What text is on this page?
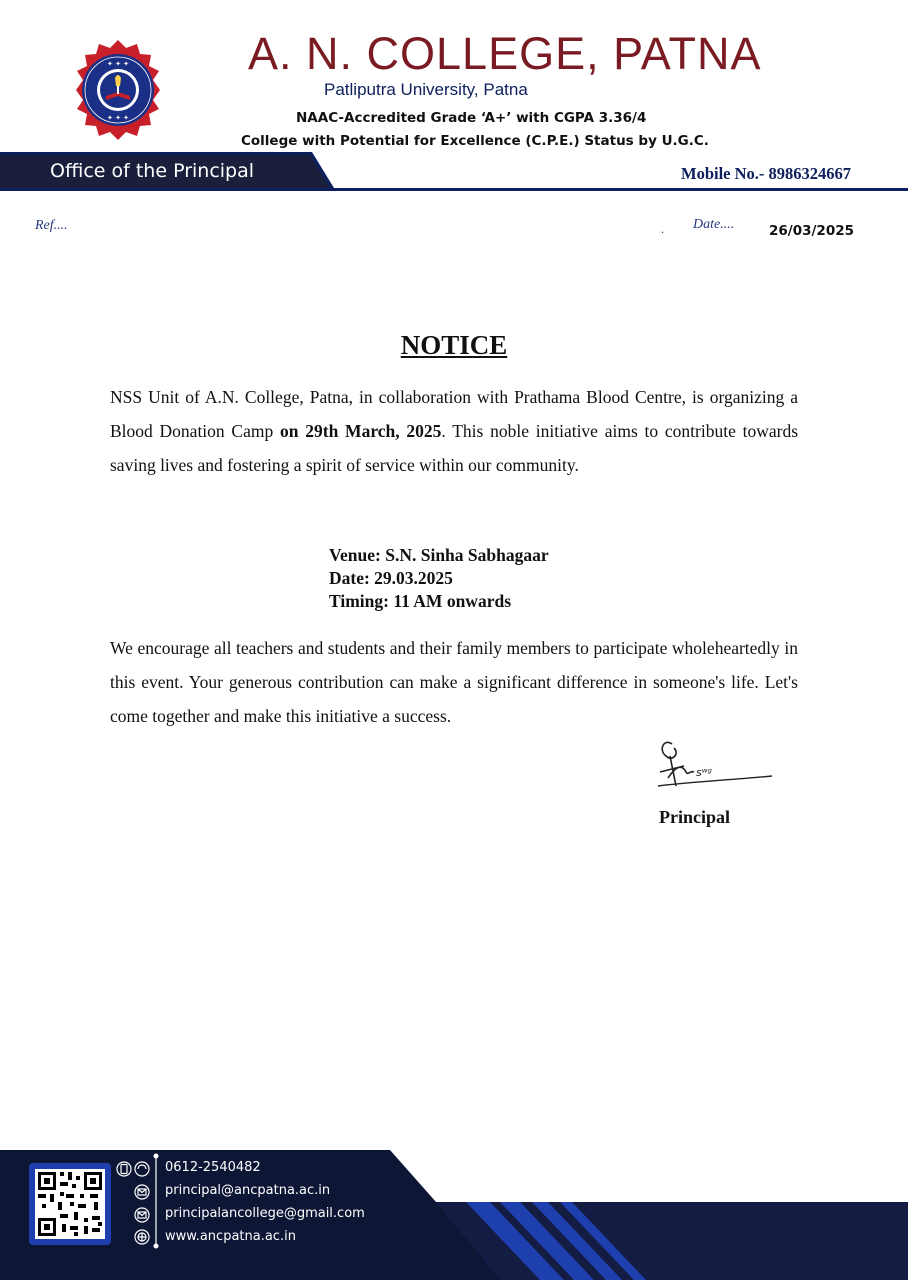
✦ ✦ ✦
✦ ✦ ✦
A. N. COLLEGE, PATNA
Patliputra University, Patna
NAAC-Accredited Grade ‘A+’ with CGPA 3.36/4
College with Potential for Excellence (C.P.E.) Status by U.G.C.
Office of the Principal	Mobile No.- 8986324667
Ref....	. Date....	26/03/2025
NOTICE
NSS Unit of A.N. College, Patna, in collaboration with Prathama Blood Centre, is organizing a Blood Donation Camp on 29th March, 2025. This noble initiative aims to contribute towards saving lives and fostering a spirit of service within our community.
Venue: S.N. Sinha Sabhagaar
Date: 29.03.2025
Timing: 11 AM onwards
We encourage all teachers and students and their family members to participate wholeheartedly in this event. Your generous contribution can make a significant difference in someone's life. Let's come together and make this initiative a success.
sʷᵍ
Principal
0612-2540482
principal@ancpatna.ac.in
principalancollege@gmail.com
www.ancpatna.ac.in
